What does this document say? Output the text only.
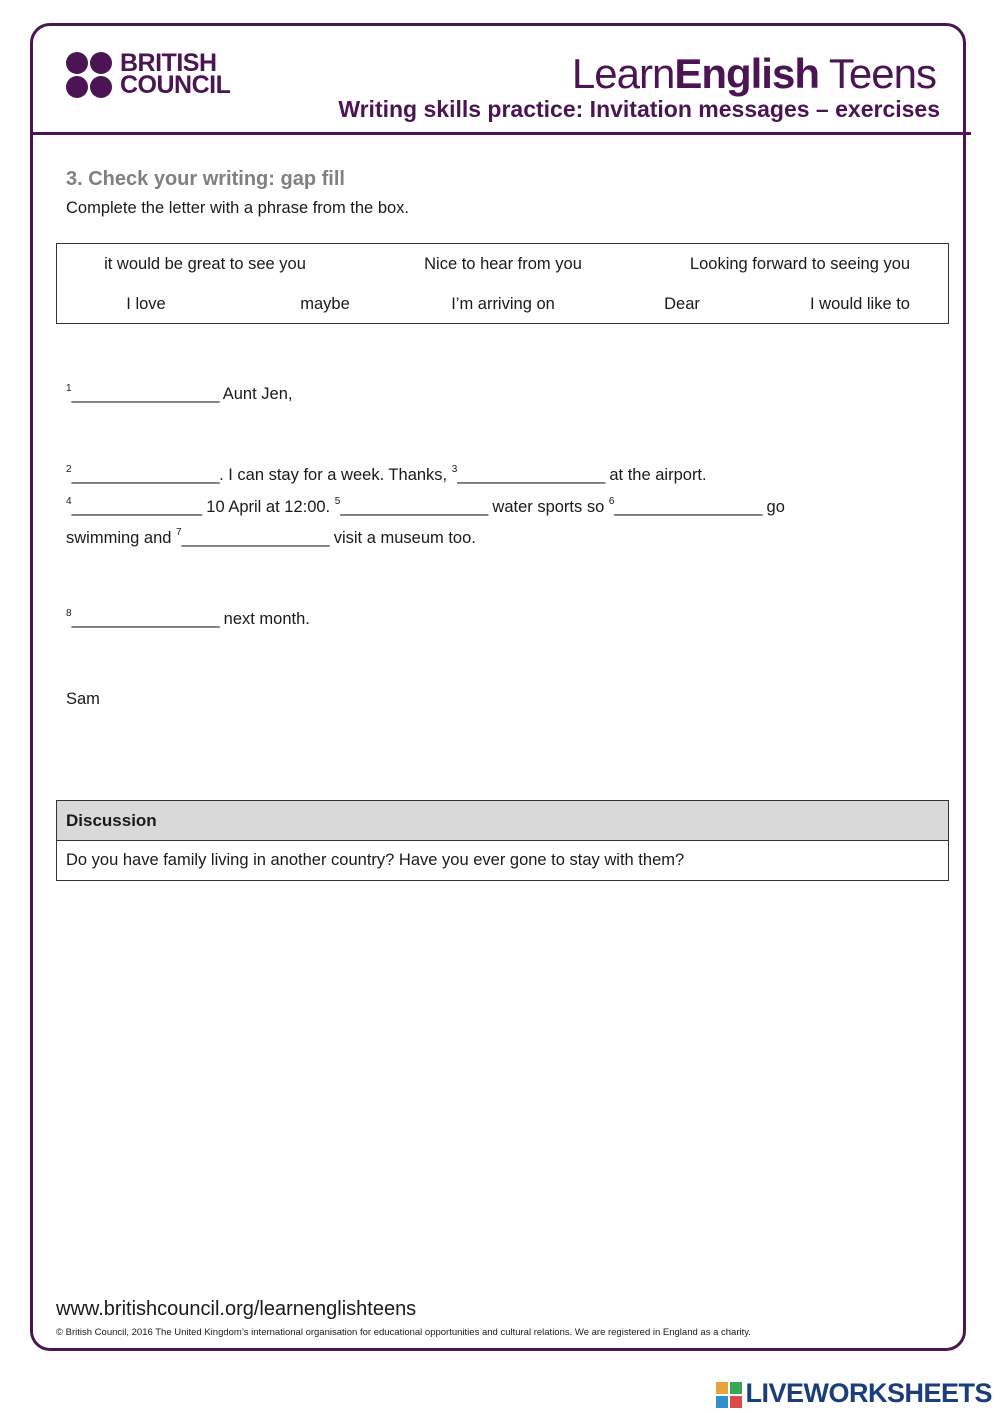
BRITISH
COUNCIL	LearnEnglish Teens
Writing skills practice: Invitation messages – exercises
3. Check your writing: gap fill
Complete the letter with a phrase from the box.
it would be great to see you	Nice to hear from you	Looking forward to seeing you
I love	maybe	I’m arriving on	Dear	I would like to
$^1$_________________ Aunt Jen,
$^2$_________________. I can stay for a week. Thanks, $^3$_________________ at the airport.
$^4$_______________ 10 April at 12:00. $^5$_________________ water sports so $^6$_________________ go
swimming and $^7$_________________ visit a museum too.
$^8$_________________ next month.
Sam
Discussion
Do you have family living in another country? Have you ever gone to stay with them?
www.britishcouncil.org/learnenglishteens
© British Council, 2016 The United Kingdom’s international organisation for educational opportunities and cultural relations. We are registered in England as a charity.
LIVEWORKSHEETS
